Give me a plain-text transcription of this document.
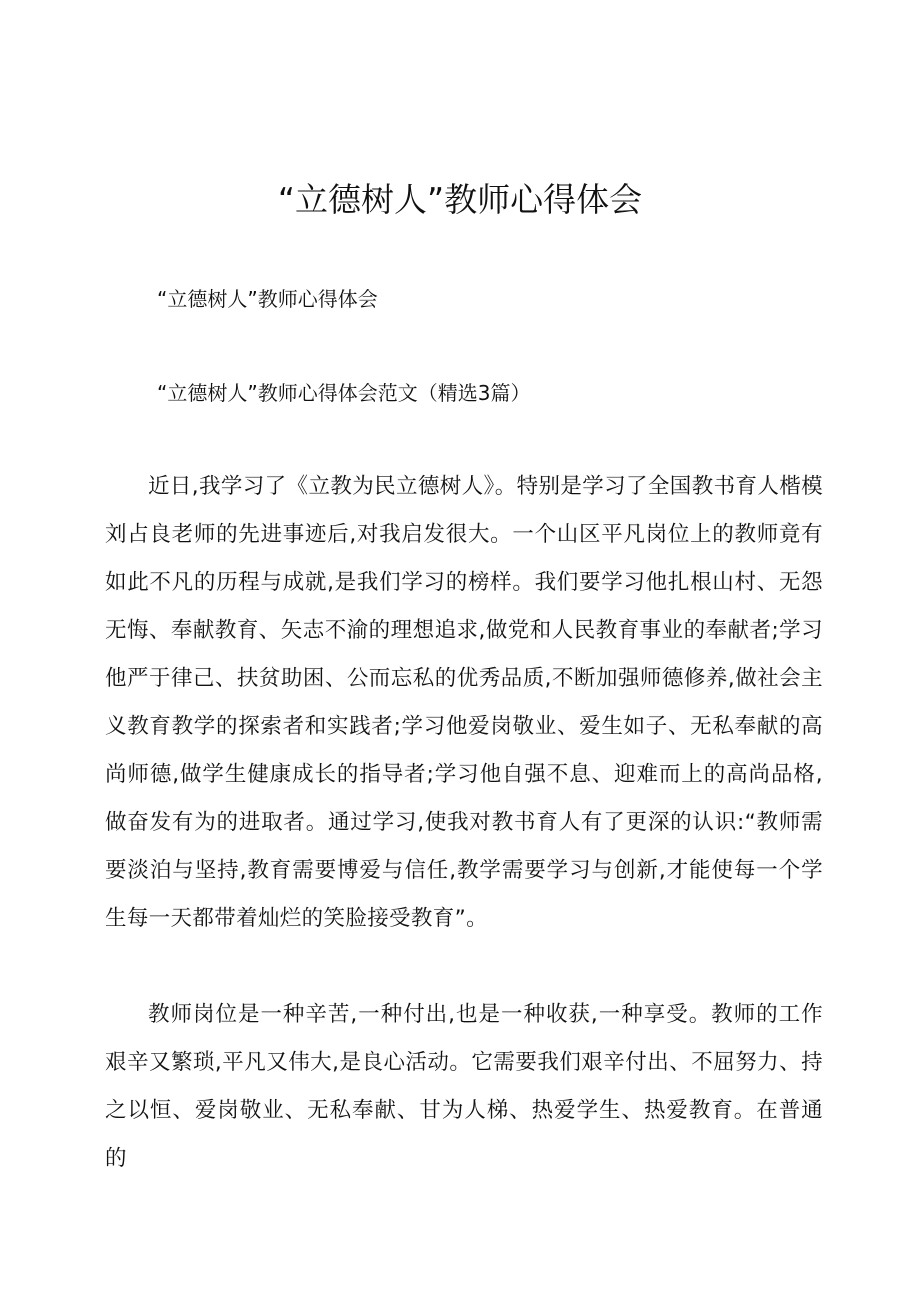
“立德树人”教师心得体会

“立德树人”教师心得体会

“立德树人”教师心得体会范文（精选3篇）

近日,我学习了《立教为民立德树人》。特别是学习了全国教书育人楷模刘占良老师的先进事迹后,对我启发很大。一个山区平凡岗位上的教师竟有如此不凡的历程与成就,是我们学习的榜样。我们要学习他扎根山村、无怨无悔、奉献教育、矢志不渝的理想追求,做党和人民教育事业的奉献者;学习他严于律己、扶贫助困、公而忘私的优秀品质,不断加强师德修养,做社会主义教育教学的探索者和实践者;学习他爱岗敬业、爱生如子、无私奉献的高尚师德,做学生健康成长的指导者;学习他自强不息、迎难而上的高尚品格,做奋发有为的进取者。通过学习,使我对教书育人有了更深的认识:“教师需要淡泊与坚持,教育需要博爱与信任,教学需要学习与创新,才能使每一个学生每一天都带着灿烂的笑脸接受教育”。

教师岗位是一种辛苦,一种付出,也是一种收获,一种享受。教师的工作艰辛又繁琐,平凡又伟大,是良心活动。它需要我们艰辛付出、不屈努力、持之以恒、爱岗敬业、无私奉献、甘为人梯、热爱学生、热爱教育。在普通的
